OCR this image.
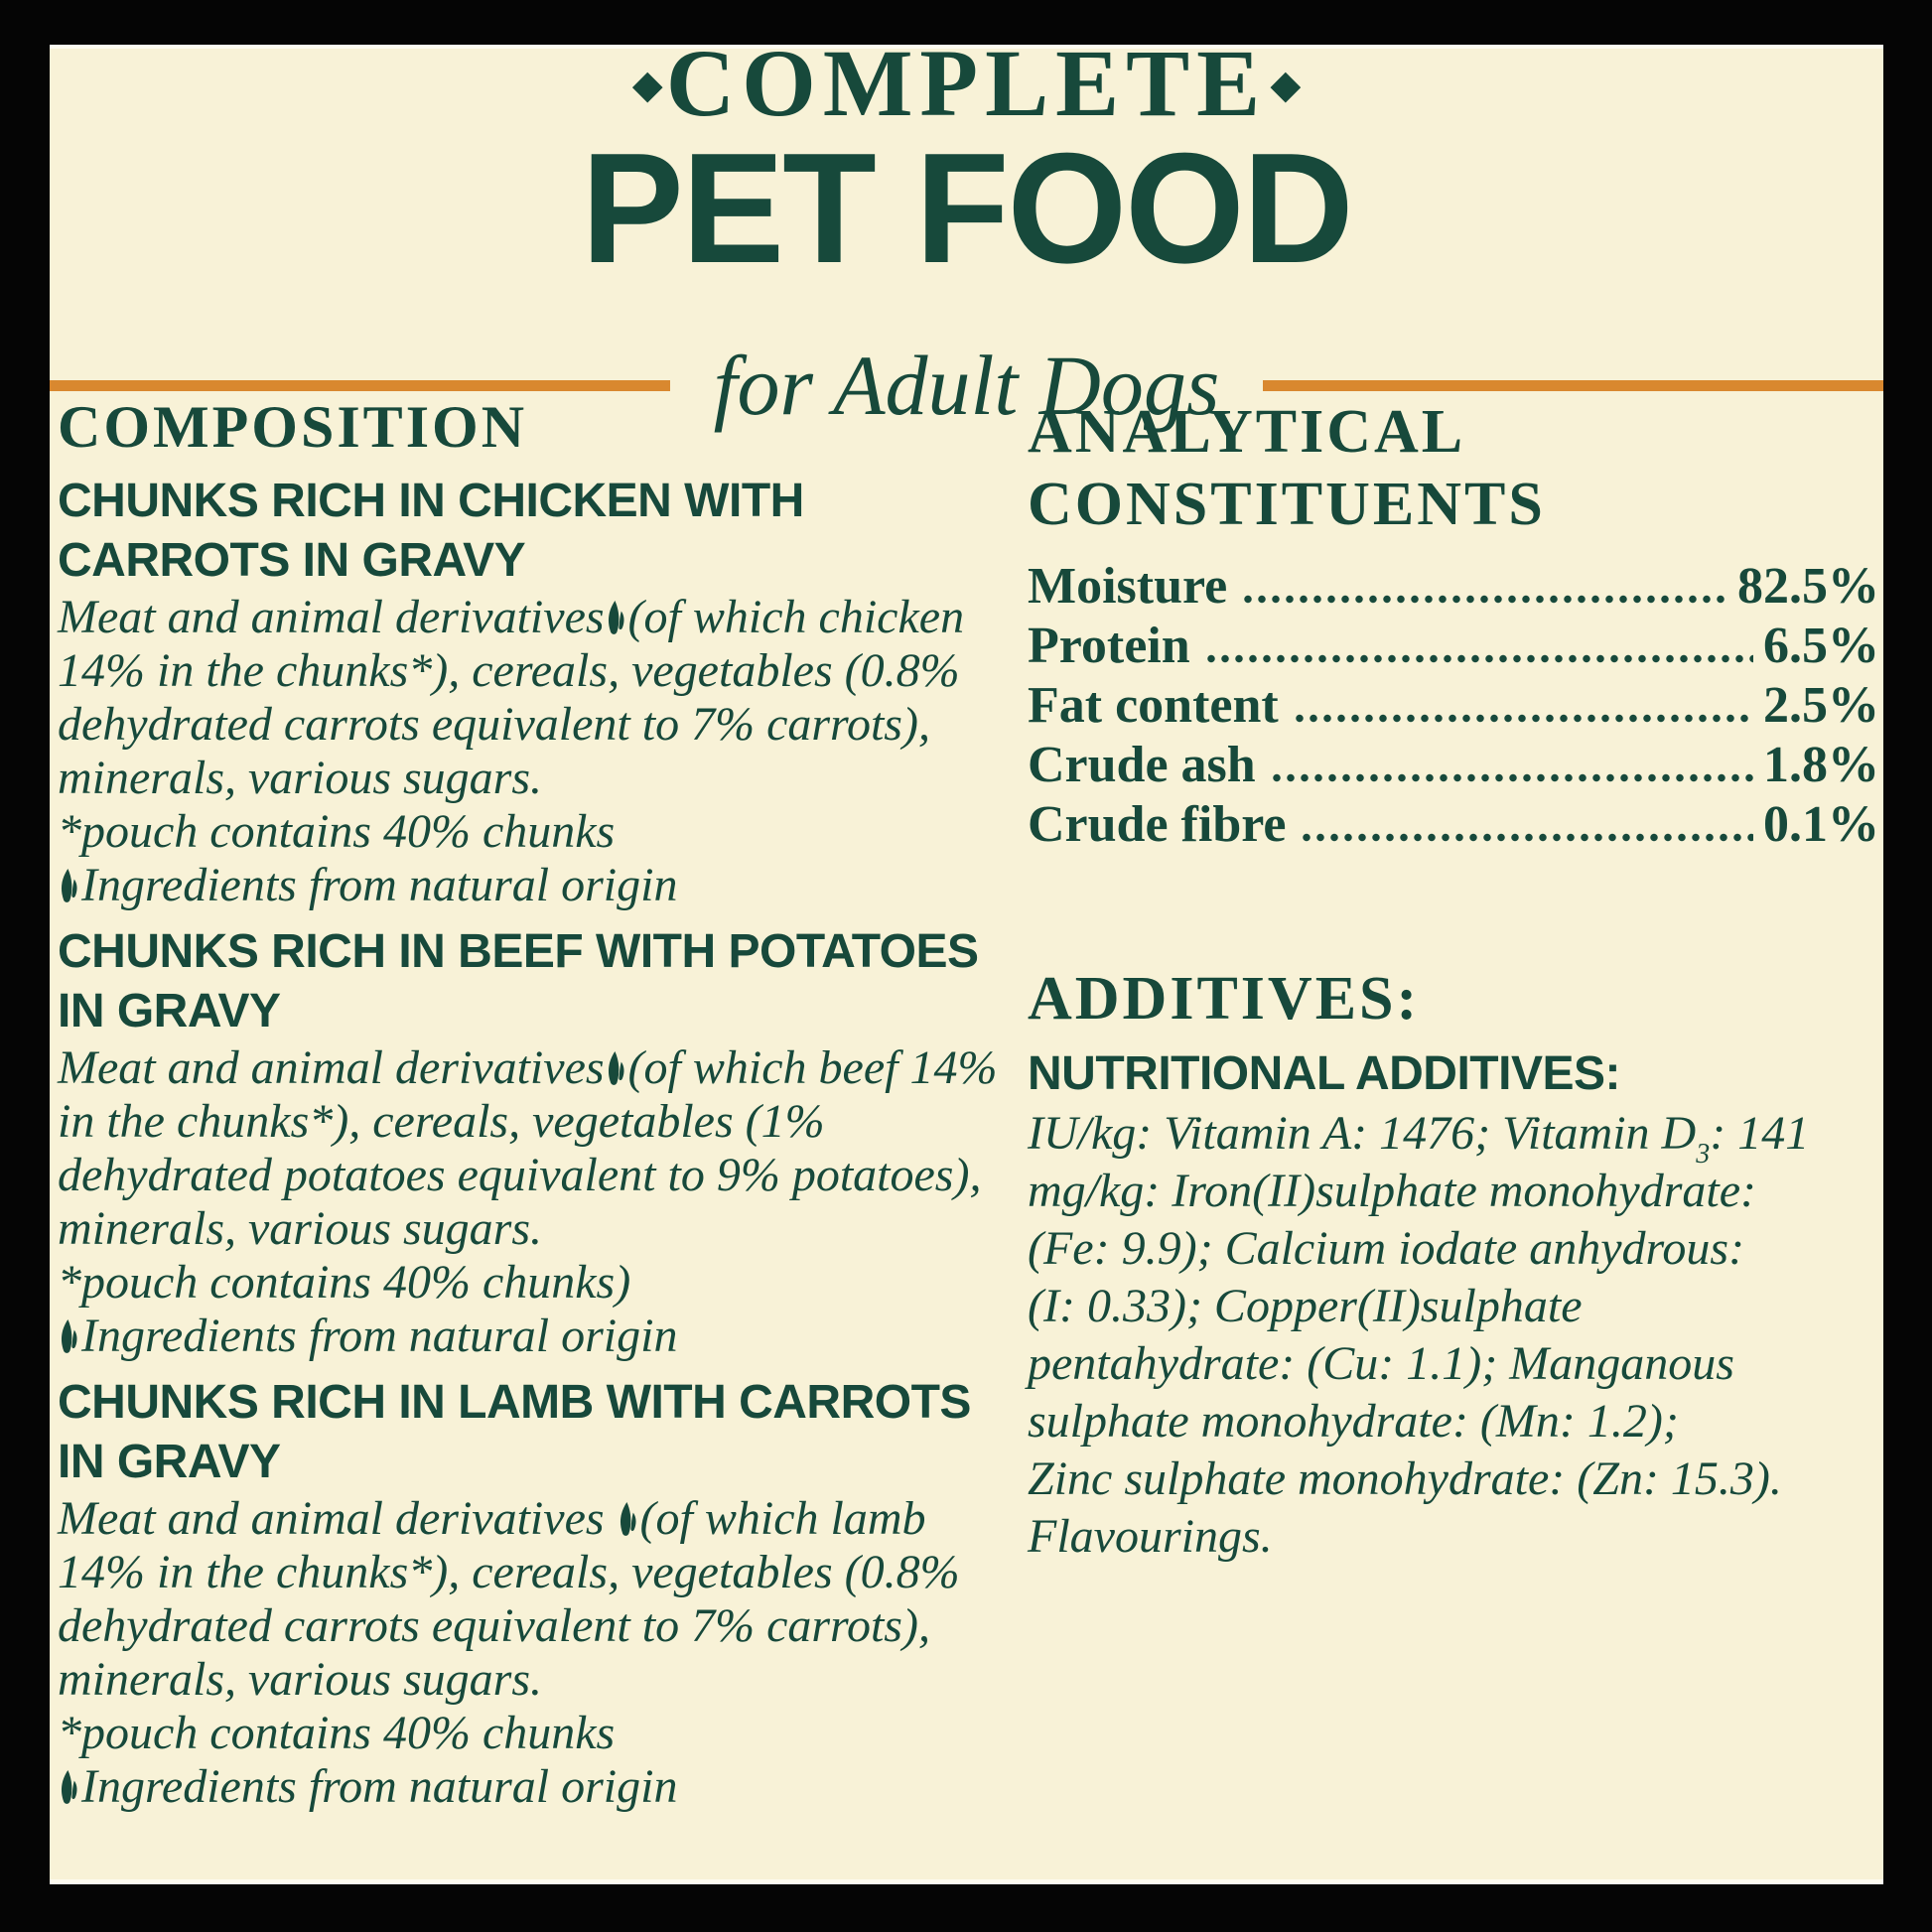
◆COMPLETE ◆
PET FOOD
for Adult Dogs
COMPOSITION
CHUNKS RICH IN CHICKEN WITH CARROTS IN GRAVY

Meat and animal derivatives (of which chicken 14% in the chunks*), cereals, vegetables (0.8% dehydrated carrots equivalent to 7% carrots), minerals, various sugars.

*pouch contains 40% chunks

Ingredients from natural origin

CHUNKS RICH IN BEEF WITH POTATOES IN GRAVY

Meat and animal derivatives (of which beef 14% in the chunks*), cereals, vegetables (1% dehydrated potatoes equivalent to 9% potatoes), minerals, various sugars.

*pouch contains 40% chunks)

Ingredients from natural origin

CHUNKS RICH IN LAMB WITH CARROTS IN GRAVY

Meat and animal derivatives (of which lamb 14% in the chunks*), cereals, vegetables (0.8% dehydrated carrots equivalent to 7% carrots), minerals, various sugars.

*pouch contains 40% chunks

Ingredients from natural origin

ANALYTICAL CONSTITUENTS
Moisture	82.5%
Protein	6.5%
Fat content	2.5%
Crude ash	1.8%
Crude fibre	0.1%
ADDITIVES:
NUTRITIONAL ADDITIVES:
IU/kg: Vitamin A: 1476; Vitamin $D_3$: 141
mg/kg: Iron(II)sulphate monohydrate:
(Fe: 9.9); Calcium iodate anhydrous:
(I: 0.33); Copper(II)sulphate
pentahydrate: (Cu: 1.1); Manganous
sulphate monohydrate: (Mn: 1.2);
Zinc sulphate monohydrate: (Zn: 15.3).
Flavourings.
